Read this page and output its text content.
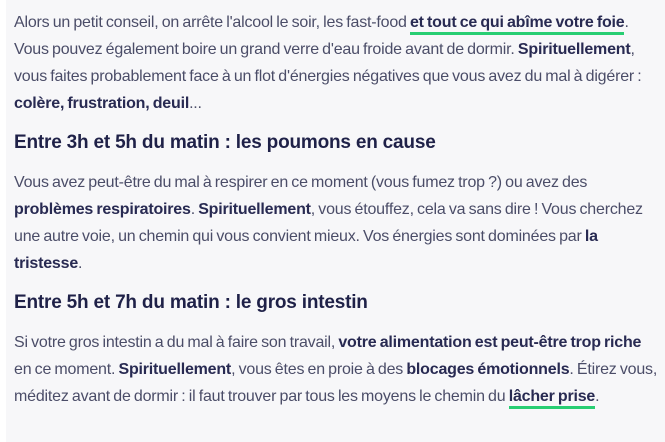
Alors un petit conseil, on arrête l'alcool le soir, les fast-food et tout ce qui abîme votre foie. Vous pouvez également boire un grand verre d'eau froide avant de dormir. Spirituellement, vous faites probablement face à un flot d'énergies négatives que vous avez du mal à digérer : colère, frustration, deuil...

Entre 3h et 5h du matin : les poumons en cause

Vous avez peut-être du mal à respirer en ce moment (vous fumez trop ?) ou avez des problèmes respiratoires. Spirituellement, vous étouffez, cela va sans dire ! Vous cherchez une autre voie, un chemin qui vous convient mieux. Vos énergies sont dominées par la tristesse.

Entre 5h et 7h du matin : le gros intestin

Si votre gros intestin a du mal à faire son travail, votre alimentation est peut-être trop riche en ce moment. Spirituellement, vous êtes en proie à des blocages émotionnels. Étirez vous, méditez avant de dormir : il faut trouver par tous les moyens le chemin du lâcher prise.
